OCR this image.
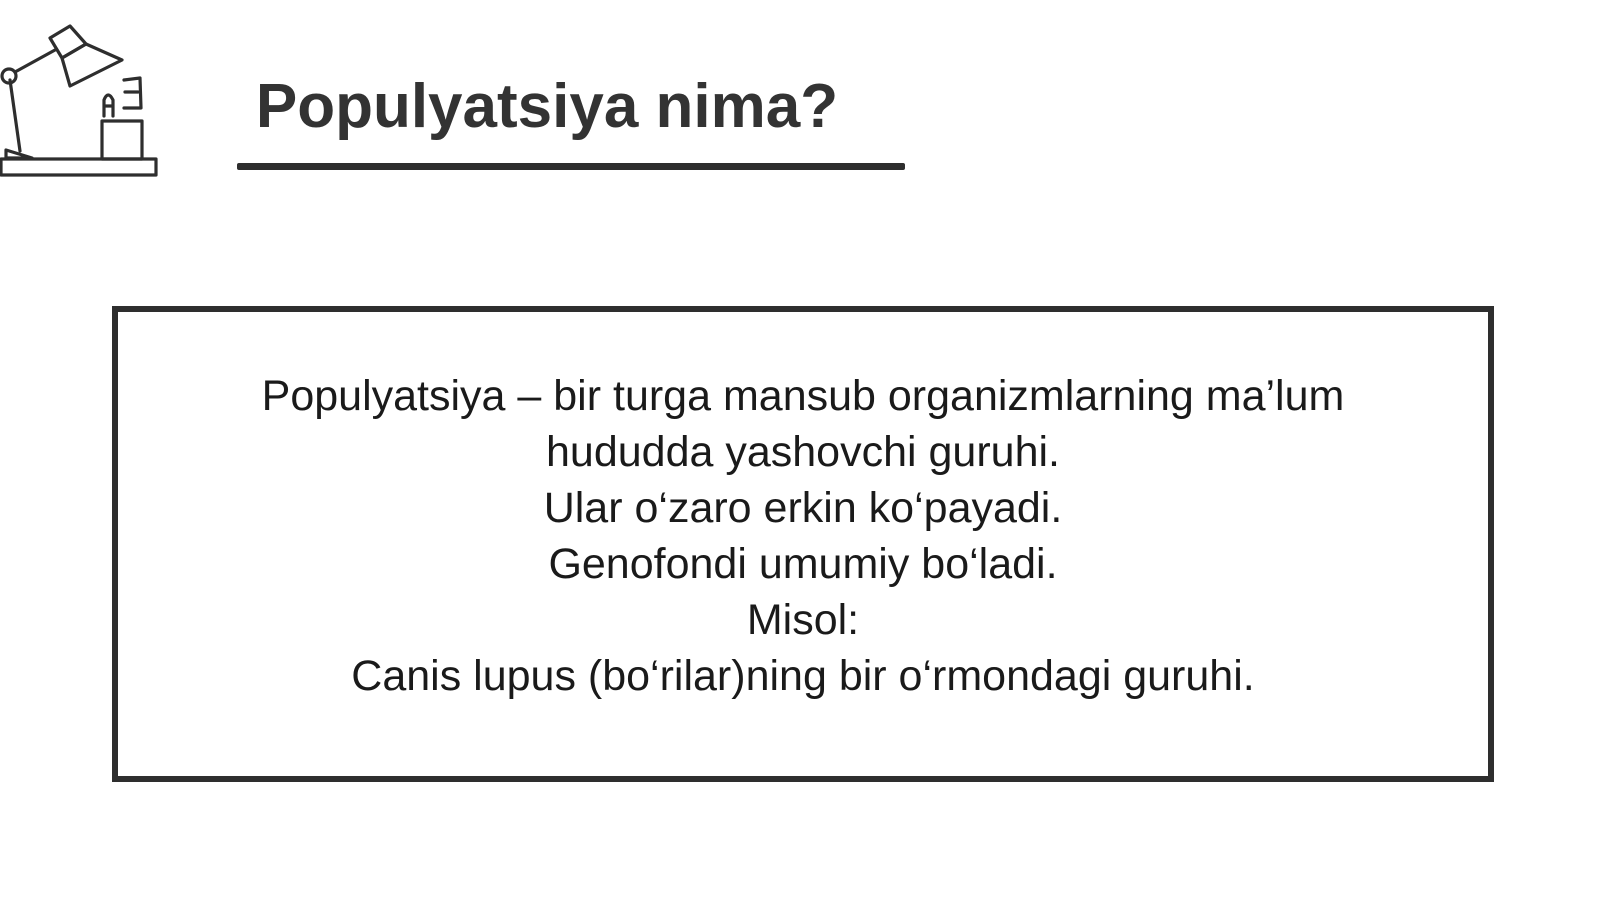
Populyatsiya nima?
Populyatsiya – bir turga mansub organizmlarning ma’lum hududda yashovchi guruhi.
Ular o‘zaro erkin ko‘payadi.
Genofondi umumiy bo‘ladi.
Misol:
Canis lupus (bo‘rilar)ning bir o‘rmondagi guruhi.
